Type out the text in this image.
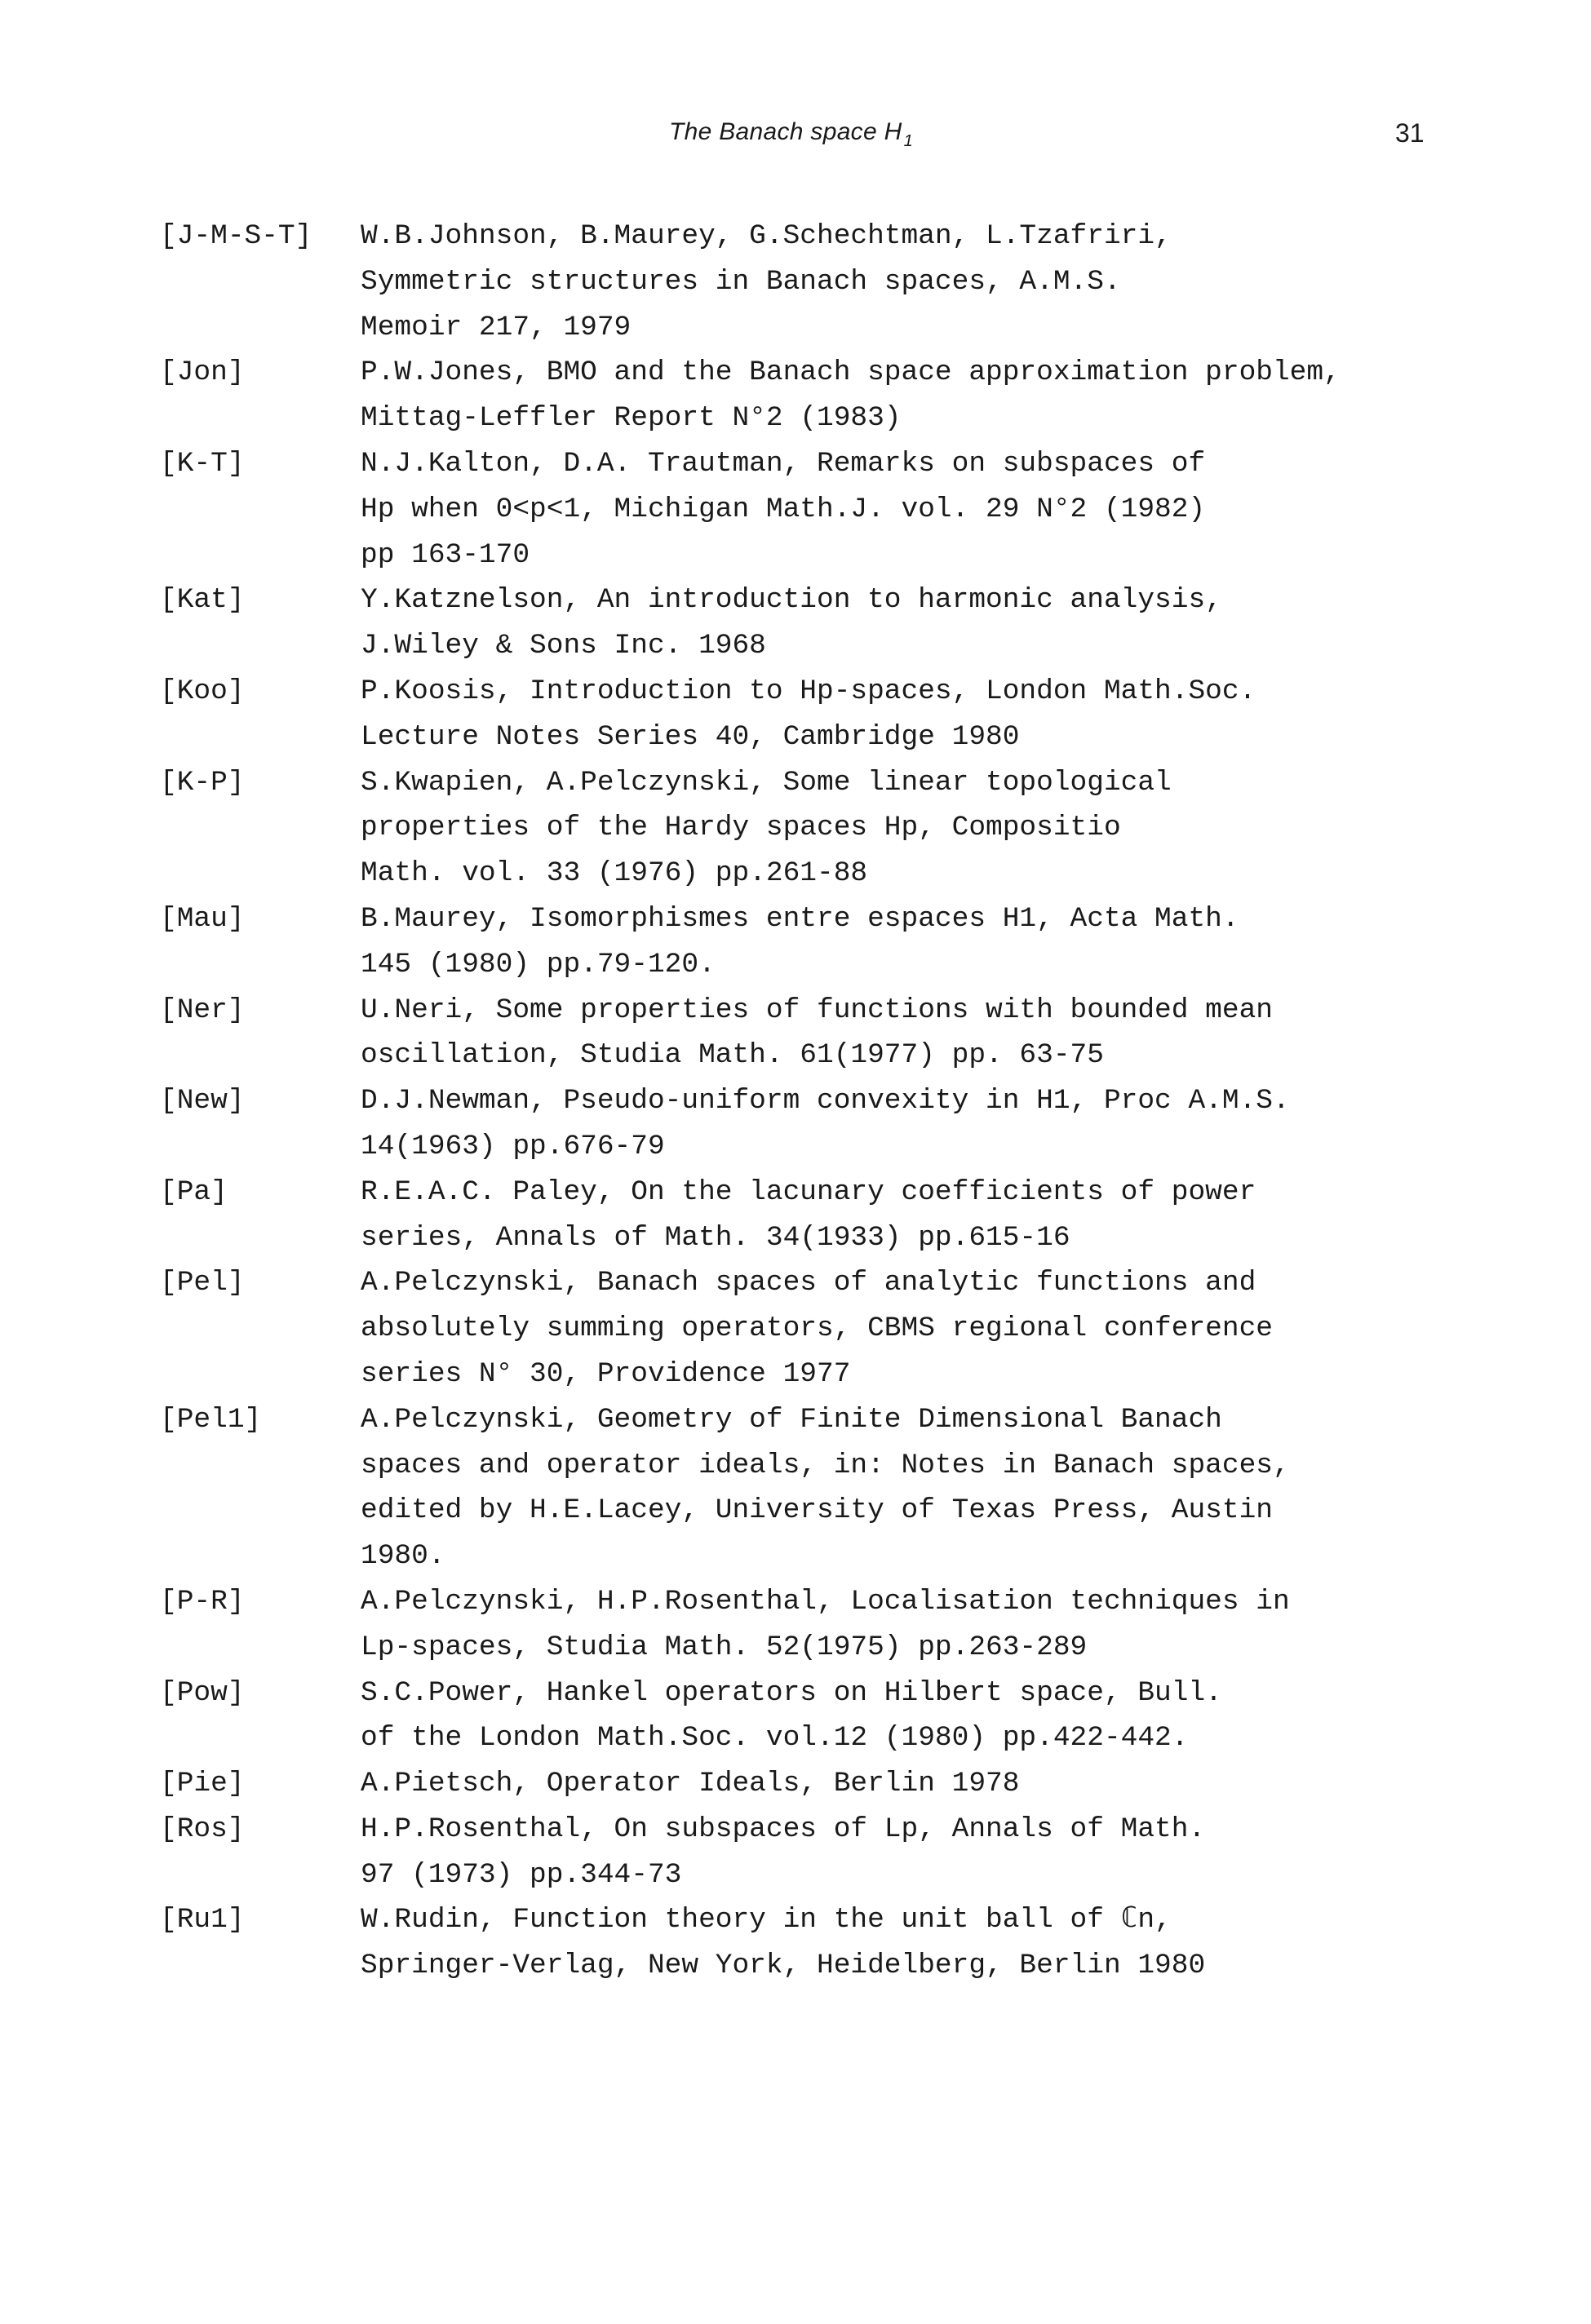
The Banach space H $_1$	31
[J-M-S-T]	W.B.Johnson, B.Maurey, G.Schechtman, L.Tzafriri,
Symmetric structures in Banach spaces, A.M.S.
Memoir 217, 1979
[Jon]	P.W.Jones, BMO and the Banach space approximation problem,
Mittag-Leffler Report N°2 (1983)
[K-T]	N.J.Kalton, D.A. Trautman, Remarks on subspaces of
Hp when 0<p<1, Michigan Math.J. vol. 29 N°2 (1982)
pp 163-170
[Kat]	Y.Katznelson, An introduction to harmonic analysis,
J.Wiley & Sons Inc. 1968
[Koo]	P.Koosis, Introduction to Hp-spaces, London Math.Soc.
Lecture Notes Series 40, Cambridge 1980
[K-P]	S.Kwapien, A.Pelczynski, Some linear topological
properties of the Hardy spaces Hp, Compositio
Math. vol. 33 (1976) pp.261-88
[Mau]	B.Maurey, Isomorphismes entre espaces H1, Acta Math.
145 (1980) pp.79-120.
[Ner]	U.Neri, Some properties of functions with bounded mean
oscillation, Studia Math. 61(1977) pp. 63-75
[New]	D.J.Newman, Pseudo-uniform convexity in H1, Proc A.M.S.
14(1963) pp.676-79
[Pa]	R.E.A.C. Paley, On the lacunary coefficients of power
series, Annals of Math. 34(1933) pp.615-16
[Pel]	A.Pelczynski, Banach spaces of analytic functions and
absolutely summing operators, CBMS regional conference
series N° 30, Providence 1977
[Pel1]	A.Pelczynski, Geometry of Finite Dimensional Banach
spaces and operator ideals, in: Notes in Banach spaces,
edited by H.E.Lacey, University of Texas Press, Austin
1980.
[P-R]	A.Pelczynski, H.P.Rosenthal, Localisation techniques in
Lp-spaces, Studia Math. 52(1975) pp.263-289
[Pow]	S.C.Power, Hankel operators on Hilbert space, Bull.
of the London Math.Soc. vol.12 (1980) pp.422-442.
[Pie]	A.Pietsch, Operator Ideals, Berlin 1978
[Ros]	H.P.Rosenthal, On subspaces of Lp, Annals of Math.
97 (1973) pp.344-73
[Ru1]	W.Rudin, Function theory in the unit ball of ℂn,
Springer-Verlag, New York, Heidelberg, Berlin 1980
